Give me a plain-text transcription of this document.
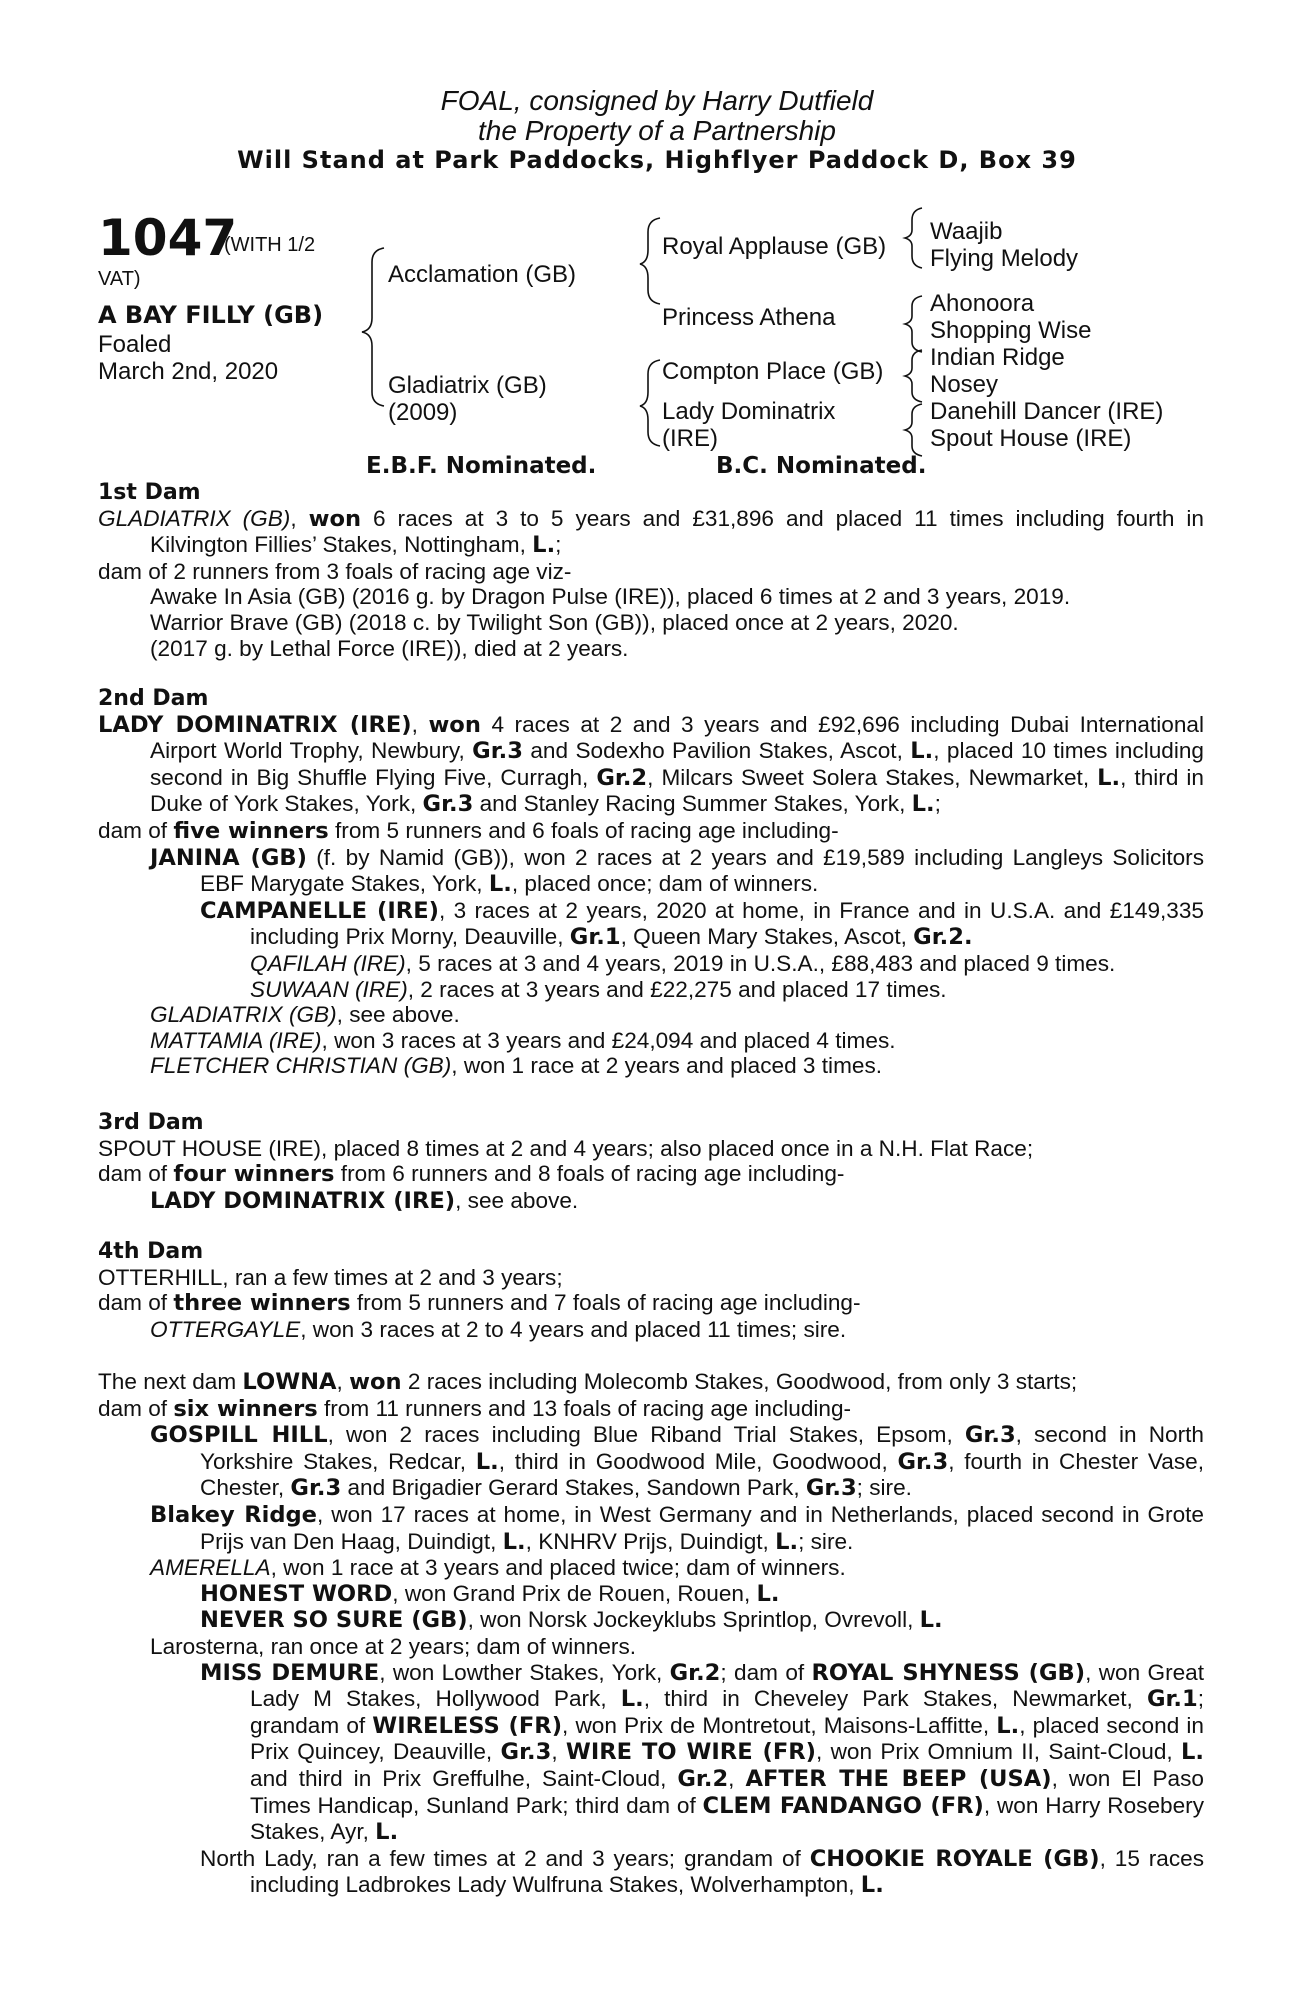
FOAL, consigned by Harry Dutfield
the Property of a Partnership
Will Stand at Park Paddocks, Highflyer Paddock D, Box 39
1047
(WITH 1/2
VAT)
A BAY FILLY (GB)
Foaled
March 2nd, 2020
Acclamation (GB)
Gladiatrix (GB)
(2009)
Royal Applause (GB)
Princess Athena
Compton Place (GB)
Lady Dominatrix
(IRE)
Waajib
Flying Melody
Ahonoora
Shopping Wise
Indian Ridge
Nosey
Danehill Dancer (IRE)
Spout House (IRE)
E.B.F. Nominated.	B.C. Nominated.
1st Dam
GLADIATRIX (GB), won 6 races at 3 to 5 years and £31,896 and placed 11 times including fourth in Kilvington Fillies’ Stakes, Nottingham, L.;
dam of 2 runners from 3 foals of racing age viz-
Awake In Asia (GB) (2016 g. by Dragon Pulse (IRE)), placed 6 times at 2 and 3 years, 2019.
Warrior Brave (GB) (2018 c. by Twilight Son (GB)), placed once at 2 years, 2020.
(2017 g. by Lethal Force (IRE)), died at 2 years.
2nd Dam
LADY DOMINATRIX (IRE), won 4 races at 2 and 3 years and £92,696 including Dubai International Airport World Trophy, Newbury, Gr.3 and Sodexho Pavilion Stakes, Ascot, L., placed 10 times including second in Big Shuffle Flying Five, Curragh, Gr.2, Milcars Sweet Solera Stakes, Newmarket, L., third in Duke of York Stakes, York, Gr.3 and Stanley Racing Summer Stakes, York, L.;
dam of five winners from 5 runners and 6 foals of racing age including-
JANINA (GB) (f. by Namid (GB)), won 2 races at 2 years and £19,589 including Langleys Solicitors EBF Marygate Stakes, York, L., placed once; dam of winners.
CAMPANELLE (IRE), 3 races at 2 years, 2020 at home, in France and in U.S.A. and £149,335 including Prix Morny, Deauville, Gr.1, Queen Mary Stakes, Ascot, Gr.2.
QAFILAH (IRE), 5 races at 3 and 4 years, 2019 in U.S.A., £88,483 and placed 9 times.
SUWAAN (IRE), 2 races at 3 years and £22,275 and placed 17 times.
GLADIATRIX (GB), see above.
MATTAMIA (IRE), won 3 races at 3 years and £24,094 and placed 4 times.
FLETCHER CHRISTIAN (GB), won 1 race at 2 years and placed 3 times.
3rd Dam
SPOUT HOUSE (IRE), placed 8 times at 2 and 4 years; also placed once in a N.H. Flat Race;
dam of four winners from 6 runners and 8 foals of racing age including-
LADY DOMINATRIX (IRE), see above.
4th Dam
OTTERHILL, ran a few times at 2 and 3 years;
dam of three winners from 5 runners and 7 foals of racing age including-
OTTERGAYLE, won 3 races at 2 to 4 years and placed 11 times; sire.
The next dam LOWNA, won 2 races including Molecomb Stakes, Goodwood, from only 3 starts;
dam of six winners from 11 runners and 13 foals of racing age including-
GOSPILL HILL, won 2 races including Blue Riband Trial Stakes, Epsom, Gr.3, second in North Yorkshire Stakes, Redcar, L., third in Goodwood Mile, Goodwood, Gr.3, fourth in Chester Vase, Chester, Gr.3 and Brigadier Gerard Stakes, Sandown Park, Gr.3; sire.
Blakey Ridge, won 17 races at home, in West Germany and in Netherlands, placed second in Grote Prijs van Den Haag, Duindigt, L., KNHRV Prijs, Duindigt, L.; sire.
AMERELLA, won 1 race at 3 years and placed twice; dam of winners.
HONEST WORD, won Grand Prix de Rouen, Rouen, L.
NEVER SO SURE (GB), won Norsk Jockeyklubs Sprintlop, Ovrevoll, L.
Larosterna, ran once at 2 years; dam of winners.
MISS DEMURE, won Lowther Stakes, York, Gr.2; dam of ROYAL SHYNESS (GB), won Great Lady M Stakes, Hollywood Park, L., third in Cheveley Park Stakes, Newmarket, Gr.1; grandam of WIRELESS (FR), won Prix de Montretout, Maisons-Laffitte, L., placed second in Prix Quincey, Deauville, Gr.3, WIRE TO WIRE (FR), won Prix Omnium II, Saint-Cloud, L. and third in Prix Greffulhe, Saint-Cloud, Gr.2, AFTER THE BEEP (USA), won El Paso Times Handicap, Sunland Park; third dam of CLEM FANDANGO (FR), won Harry Rosebery Stakes, Ayr, L.
North Lady, ran a few times at 2 and 3 years; grandam of CHOOKIE ROYALE (GB), 15 races including Ladbrokes Lady Wulfruna Stakes, Wolverhampton, L.
